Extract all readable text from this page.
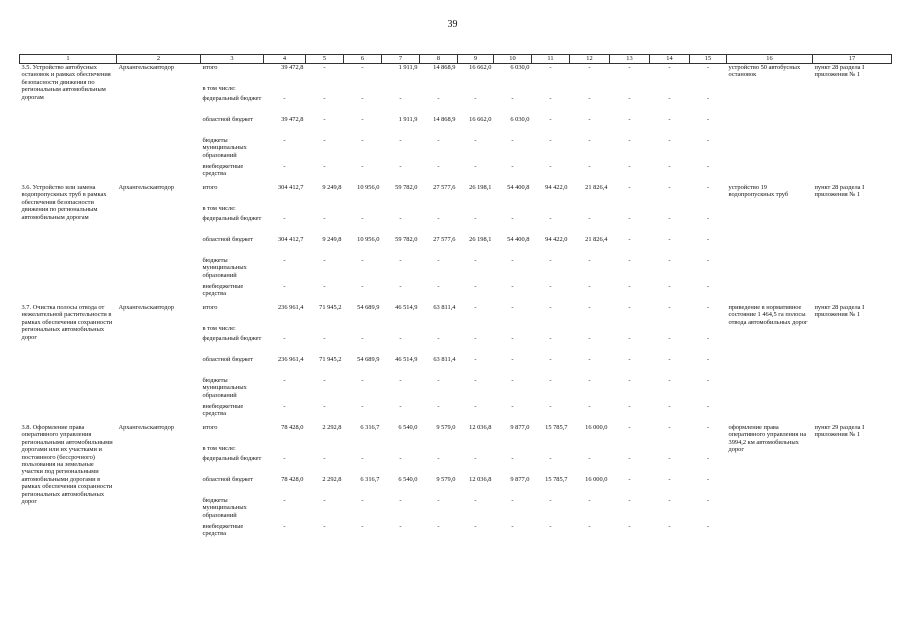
39
1	2	3	4	5	6	7	8	9	10	11	12	13	14	15	16	17
3.5. Устройство автобусных остановок и рамках обеспечения безопасности движения по региональным автомобильным дорогам	Архангельскавтодор	итого	39 472,8	-	-	1 911,9	14 868,9	16 662,0	6 030,0	-	-	-	-	-	устройство 50 автобусных остановок	пункт 28 раздела I приложения № 1
		в том числе:														
		федеральный бюджет	-	-	-	-	-	-	-	-	-	-	-	-		
		областной бюджет	39 472,8	-	-	1 911,9	14 868,9	16 662,0	6 030,0	-	-	-	-	-		
		бюджеты муниципальных образований	-	-	-	-	-	-	-	-	-	-	-	-		
		внебюджетные средства	-	-	-	-	-	-	-	-	-	-	-	-		
3.6. Устройство или замена водопропускных труб в рамках обеспечения безопасности движения по региональным автомобильным дорогам	Архангельскавтодор	итого	304 412,7	9 249,8	10 956,0	59 782,0	27 577,6	26 198,1	54 400,8	94 422,0	21 826,4	-	-	-	устройство 19 водопропускных труб	пункт 28 раздела I приложения № 1
		в том числе:														
		федеральный бюджет	-	-	-	-	-	-	-	-	-	-	-	-		
		областной бюджет	304 412,7	9 249,8	10 956,0	59 782,0	27 577,6	26 198,1	54 400,8	94 422,0	21 826,4	-	-	-		
		бюджеты муниципальных образований	-	-	-	-	-	-	-	-	-	-	-	-		
		внебюджетные средства	-	-	-	-	-	-	-	-	-	-	-	-		
3.7. Очистка полосы отвода от нежелательной растительности в рамках обеспечения сохранности региональных автомобильных дорог	Архангельскавтодор	итого	236 961,4	71 945,2	54 689,9	46 514,9	63 811,4	-	-	-	-	-	-	-	приведение в нормативное состояние 1 464,5 га полосы отвода автомобильных дорог	пункт 28 раздела I приложения № 1
		в том числе:														
		федеральный бюджет	-	-	-	-	-	-	-	-	-	-	-	-		
		областной бюджет	236 961,4	71 945,2	54 689,9	46 514,9	63 811,4	-	-	-	-	-	-	-		
		бюджеты муниципальных образований	-	-	-	-	-	-	-	-	-	-	-	-		
		внебюджетные средства	-	-	-	-	-	-	-	-	-	-	-	-		
3.8. Оформление права оперативного управления региональными автомобильными дорогами или их участками и постоянного (бессрочного) пользования на земельные участки под региональными автомобильными дорогами в рамках обеспечения сохранности региональных автомобильных дорог	Архангельскавтодор	итого	78 428,0	2 292,8	6 316,7	6 540,0	9 579,0	12 036,8	9 877,0	15 785,7	16 000,0	-	-	-	оформление права оперативного управления на 3994,2 км автомобильных дорог	пункт 29 раздела I приложения № 1
		в том числе:														
		федеральный бюджет	-	-	-	-	-	-	-	-	-	-	-	-		
		областной бюджет	78 428,0	2 292,8	6 316,7	6 540,0	9 579,0	12 036,8	9 877,0	15 785,7	16 000,0	-	-	-		
		бюджеты муниципальных образований	-	-	-	-	-	-	-	-	-	-	-	-		
		внебюджетные средства	-	-	-	-	-	-	-	-	-	-	-	-		
